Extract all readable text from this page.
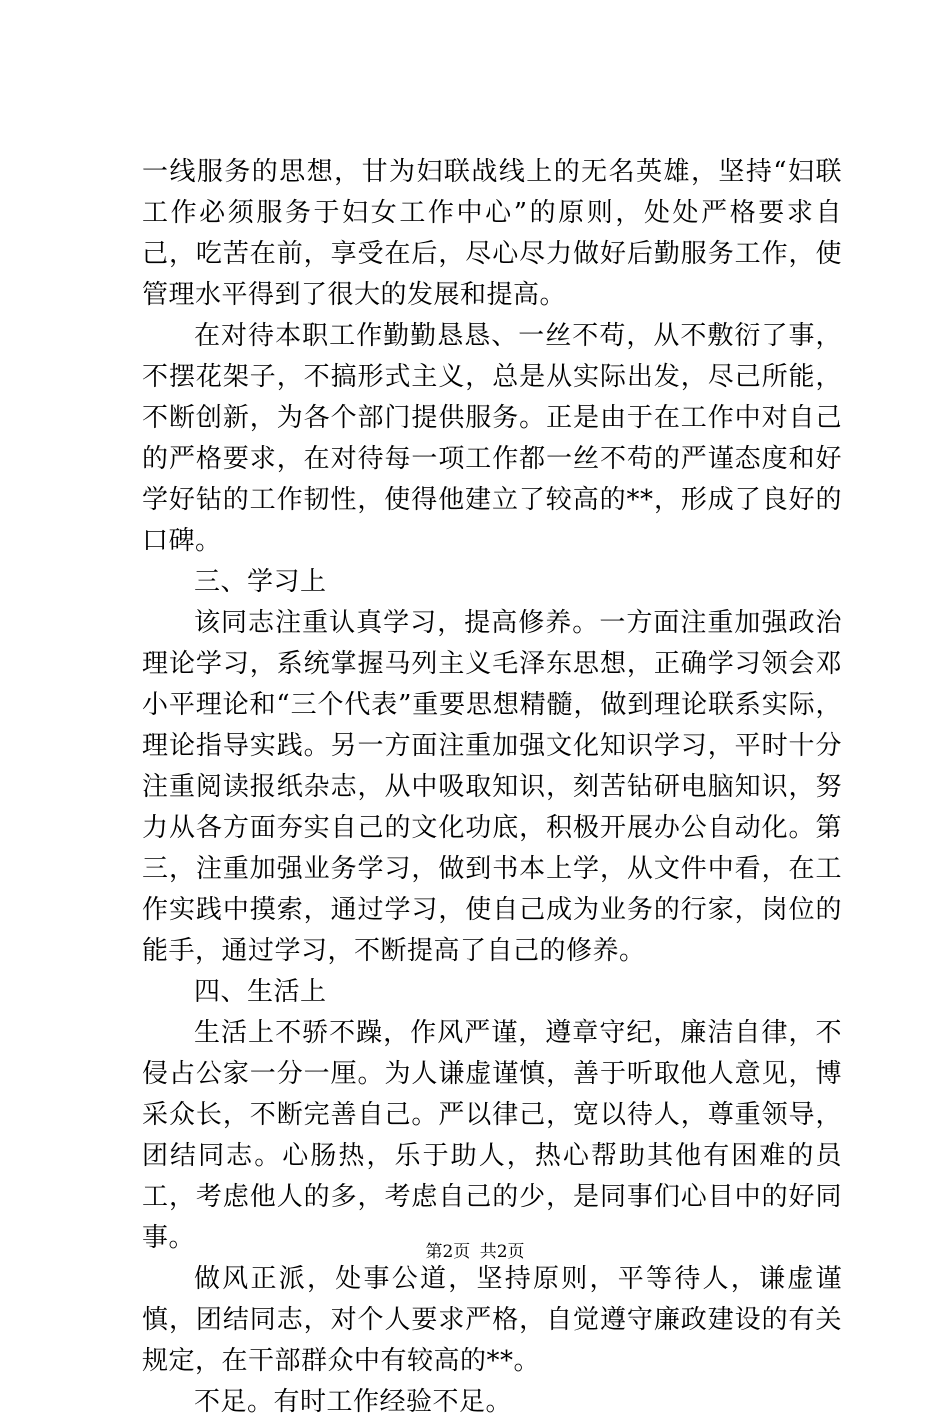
一线服务的思想，甘为妇联战线上的无名英雄，坚持“妇联工作必须服务于妇女工作中心”的原则，处处严格要求自己，吃苦在前，享受在后，尽心尽力做好后勤服务工作，使管理水平得到了很大的发展和提高。

在对待本职工作勤勤恳恳、一丝不苟，从不敷衍了事，不摆花架子，不搞形式主义，总是从实际出发，尽己所能，不断创新，为各个部门提供服务。正是由于在工作中对自己的严格要求，在对待每一项工作都一丝不苟的严谨态度和好学好钻的工作韧性，使得他建立了较高的**，形成了良好的口碑。

三、学习上

该同志注重认真学习，提高修养。一方面注重加强政治理论学习，系统掌握马列主义毛泽东思想，正确学习领会邓小平理论和“三个代表”重要思想精髓，做到理论联系实际，理论指导实践。另一方面注重加强文化知识学习，平时十分注重阅读报纸杂志，从中吸取知识，刻苦钻研电脑知识，努力从各方面夯实自己的文化功底，积极开展办公自动化。第三，注重加强业务学习，做到书本上学，从文件中看，在工作实践中摸索，通过学习，使自己成为业务的行家，岗位的能手，通过学习，不断提高了自己的修养。

四、生活上

生活上不骄不躁，作风严谨，遵章守纪，廉洁自律，不侵占公家一分一厘。为人谦虚谨慎，善于听取他人意见，博采众长，不断完善自己。严以律己，宽以待人，尊重领导，团结同志。心肠热，乐于助人，热心帮助其他有困难的员工，考虑他人的多，考虑自己的少，是同事们心目中的好同事。

做风正派，处事公道，坚持原则，平等待人，谦虚谨慎，团结同志，对个人要求严格，自觉遵守廉政建设的有关规定，在干部群众中有较高的**。

不足。有时工作经验不足。

第2页 共2页
